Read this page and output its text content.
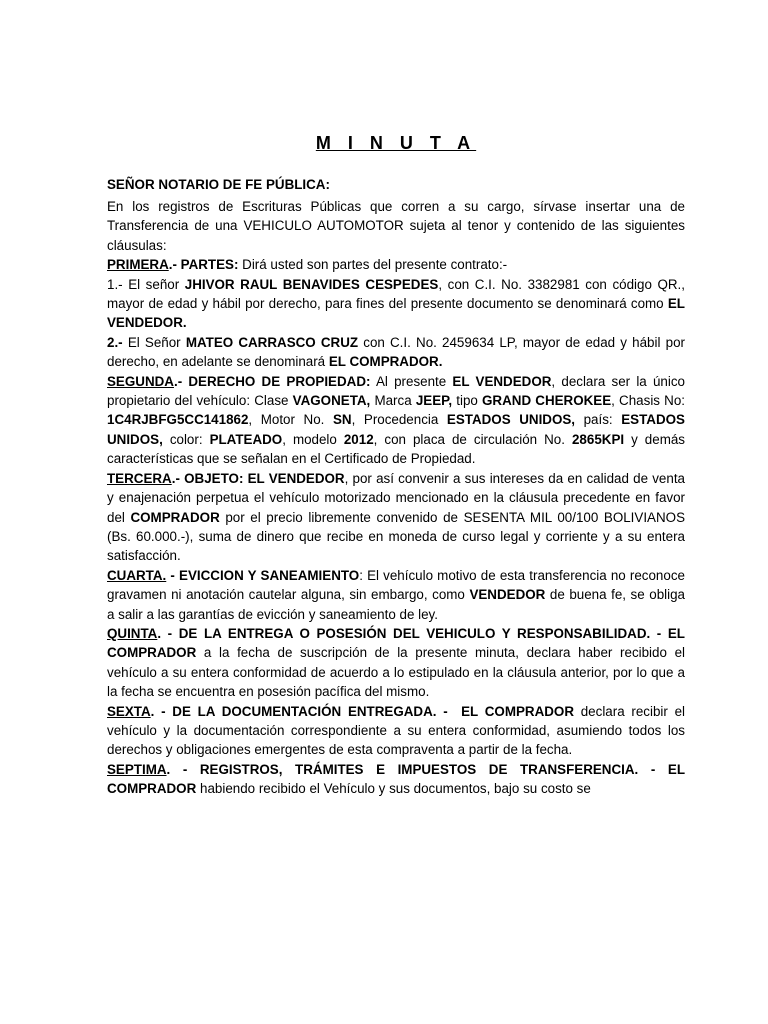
M I N U T A
SEÑOR NOTARIO DE FE PÚBLICA:

En los registros de Escrituras Públicas que corren a su cargo, sírvase insertar una de Transferencia de una VEHICULO AUTOMOTOR sujeta al tenor y contenido de las siguientes cláusulas:

PRIMERA.- PARTES: Dirá usted son partes del presente contrato:-

1.- El señor JHIVOR RAUL BENAVIDES CESPEDES, con C.I. No. 3382981 con código QR., mayor de edad y hábil por derecho, para fines del presente documento se denominará como EL VENDEDOR.

2.- El Señor MATEO CARRASCO CRUZ con C.I. No. 2459634 LP, mayor de edad y hábil por derecho, en adelante se denominará EL COMPRADOR.

SEGUNDA.- DERECHO DE PROPIEDAD: Al presente EL VENDEDOR, declara ser la único propietario del vehículo: Clase VAGONETA, Marca JEEP, tipo GRAND CHEROKEE, Chasis No: 1C4RJBFG5CC141862, Motor No. SN, Procedencia ESTADOS UNIDOS, país: ESTADOS UNIDOS, color: PLATEADO, modelo 2012, con placa de circulación No. 2865KPI y demás características que se señalan en el Certificado de Propiedad.

TERCERA.- OBJETO: EL VENDEDOR, por así convenir a sus intereses da en calidad de venta y enajenación perpetua el vehículo motorizado mencionado en la cláusula precedente en favor del COMPRADOR por el precio libremente convenido de SESENTA MIL 00/100 BOLIVIANOS (Bs. 60.000.-), suma de dinero que recibe en moneda de curso legal y corriente y a su entera satisfacción.

CUARTA. - EVICCION Y SANEAMIENTO: El vehículo motivo de esta transferencia no reconoce gravamen ni anotación cautelar alguna, sin embargo, como VENDEDOR de buena fe, se obliga a salir a las garantías de evicción y saneamiento de ley.

QUINTA. - DE LA ENTREGA O POSESIÓN DEL VEHICULO Y RESPONSABILIDAD. - EL COMPRADOR a la fecha de suscripción de la presente minuta, declara haber recibido el vehículo a su entera conformidad de acuerdo a lo estipulado en la cláusula anterior, por lo que a la fecha se encuentra en posesión pacífica del mismo.

SEXTA. - DE LA DOCUMENTACIÓN ENTREGADA. -  EL COMPRADOR declara recibir el vehículo y la documentación correspondiente a su entera conformidad, asumiendo todos los derechos y obligaciones emergentes de esta compraventa a partir de la fecha.

SEPTIMA. - REGISTROS, TRÁMITES E IMPUESTOS DE TRANSFERENCIA. - EL COMPRADOR habiendo recibido el Vehículo y sus documentos, bajo su costo se
